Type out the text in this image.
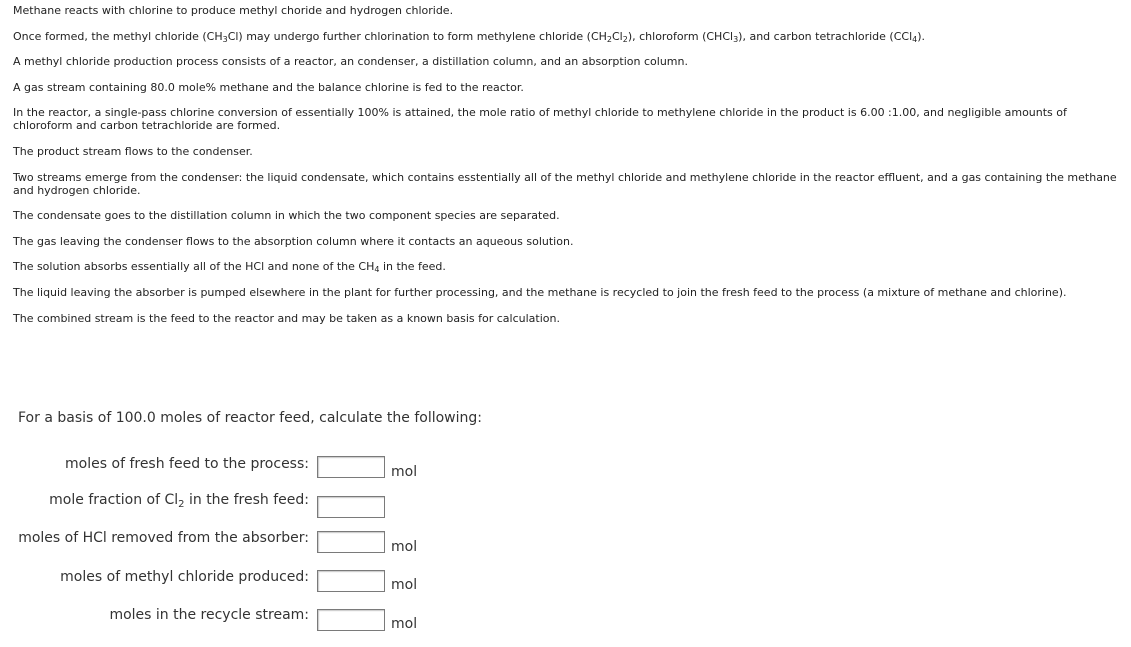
Methane reacts with chlorine to produce methyl choride and hydrogen chloride.

Once formed, the methyl chloride $(CH_3Cl)$ may undergo further chlorination to form methylene chloride $(CH_2Cl_2)$, chloroform (CHCl$_3$), and carbon tetrachloride (CCl$_4$).

A methyl chloride production process consists of a reactor, an condenser, a distillation column, and an absorption column.

A gas stream containing 80.0 mole% methane and the balance chlorine is fed to the reactor.

In the reactor, a single-pass chlorine conversion of essentially 100% is attained, the mole ratio of methyl chloride to methylene chloride in the product is 6.00 :1.00, and negligible amounts of chloroform and carbon tetrachloride are formed.

The product stream flows to the condenser.

Two streams emerge from the condenser: the liquid condensate, which contains esstentially all of the methyl chloride and methylene chloride in the reactor effluent, and a gas containing the methane and hydrogen chloride.

The condensate goes to the distillation column in which the two component species are separated.

The gas leaving the condenser flows to the absorption column where it contacts an aqueous solution.

The solution absorbs essentially all of the HCl and none of the $CH_4$ in the feed.

The liquid leaving the absorber is pumped elsewhere in the plant for further processing, and the methane is recycled to join the fresh feed to the process (a mixture of methane and chlorine).

The combined stream is the feed to the reactor and may be taken as a known basis for calculation.

For a basis of 100.0 moles of reactor feed, calculate the following:
moles of fresh feed to the process:	mol
mole fraction of $Cl_2$ in the fresh feed:
moles of HCl removed from the absorber:
mol
moles of methyl chloride produced:	mol
moles in the recycle stream:
mol
